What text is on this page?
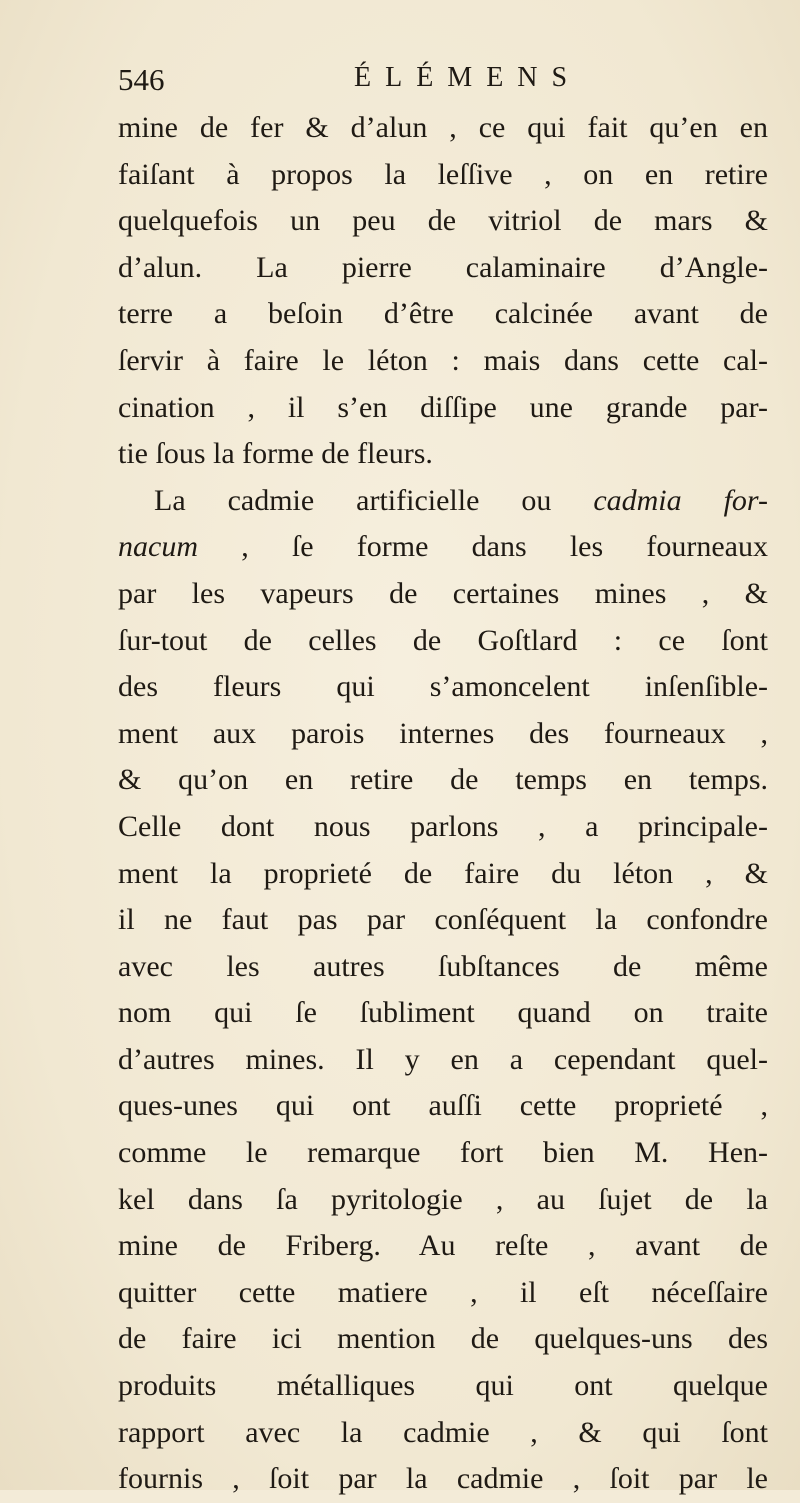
546	ÉLÉMENS
mine de fer & d’alun , ce qui fait qu’en en
faiſant à propos la leſſive , on en retire
quelquefois un peu de vitriol de mars &
d’alun. La pierre calaminaire d’Angle-
terre a beſoin d’être calcinée avant de
ſervir à faire le léton : mais dans cette cal-
cination , il s’en diſſipe une grande par-
tie ſous la forme de fleurs.
La cadmie artificielle ou cadmia for-
nacum , ſe forme dans les fourneaux
par les vapeurs de certaines mines , &
ſur-tout de celles de Goſtlard : ce ſont
des fleurs qui s’amoncelent inſenſible-
ment aux parois internes des fourneaux ,
& qu’on en retire de temps en temps.
Celle dont nous parlons , a principale-
ment la proprieté de faire du léton , &
il ne faut pas par conſéquent la confondre
avec les autres ſubſtances de même
nom qui ſe ſubliment quand on traite
d’autres mines. Il y en a cependant quel-
ques-unes qui ont auſſi cette proprieté ,
comme le remarque fort bien M. Hen-
kel dans ſa pyritologie , au ſujet de la
mine de Friberg. Au reſte , avant de
quitter cette matiere , il eſt néceſſaire
de faire ici mention de quelques-uns des
produits métalliques qui ont quelque
rapport avec la cadmie , & qui ſont
fournis , ſoit par la cadmie , ſoit par le
